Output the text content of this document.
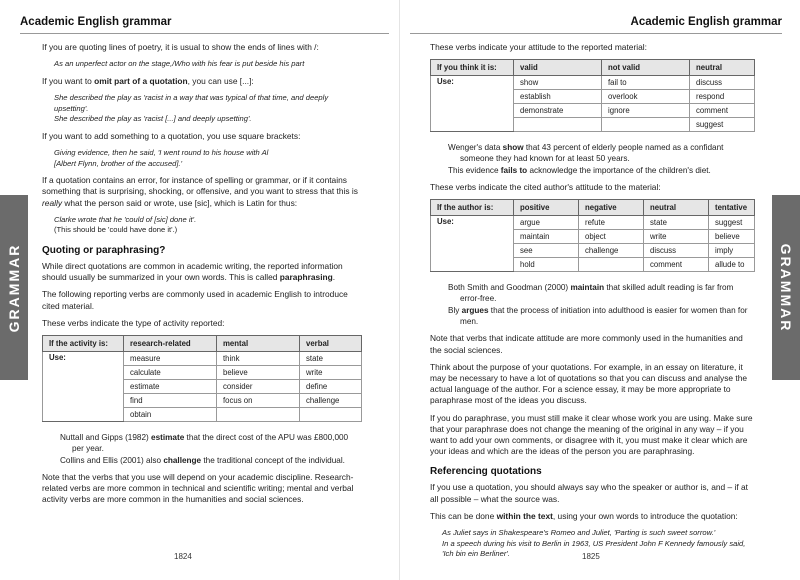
Academic English grammar

If you are quoting lines of poetry, it is usual to show the ends of lines with /:

As an unperfect actor on the stage,/Who with his fear is put beside his part

If you want to omit part of a quotation, you can use [...]:

She described the play as 'racist in a way that was typical of that time, and deeply upsetting'.
She described the play as 'racist [...] and deeply upsetting'.

If you want to add something to a quotation, you use square brackets:

Giving evidence, then he said, 'I went round to his house with Al
[Albert Flynn, brother of the accused].'

If a quotation contains an error, for instance of spelling or grammar, or if it contains something that is surprising, shocking, or offensive, and you want to stress that this is really what the person said or wrote, use [sic], which is Latin for thus:

Clarke wrote that he 'could of [sic] done it'.
(This should be 'could have done it'.)
Quoting or paraphrasing?

While direct quotations are common in academic writing, the reported information should usually be summarized in your own words. This is called paraphrasing.

The following reporting verbs are commonly used in academic English to introduce cited material.

These verbs indicate the type of activity reported:

If the activity is:	research-related	mental	verbal
Use:	measure	think	state
	calculate	believe	write
	estimate	consider	define
	find	focus on	challenge
	obtain		
Nuttall and Gipps (1982) estimate that the direct cost of the APU was £800,000 per year.
Collins and Ellis (2001) also challenge the traditional concept of the individual.

Note that the verbs that you use will depend on your academic discipline. Research-related verbs are more common in technical and scientific writing; mental and verbal activity verbs are more common in the humanities and social sciences.

GRAMMAR
1824
Academic English grammar

These verbs indicate your attitude to the reported material:

If you think it is:	valid	not valid	neutral
Use:	show	fail to	discuss
	establish	overlook	respond
	demonstrate	ignore	comment
			suggest
Wenger's data show that 43 percent of elderly people named as a confidant someone they had known for at least 50 years.
This evidence fails to acknowledge the importance of the children's diet.

These verbs indicate the cited author's attitude to the material:

If the author is:	positive	negative	neutral	tentative
Use:	argue	refute	state	suggest
	maintain	object	write	believe
	see	challenge	discuss	imply
	hold		comment	allude to
Both Smith and Goodman (2000) maintain that skilled adult reading is far from error-free.
Bly argues that the process of initiation into adulthood is easier for women than for men.

Note that verbs that indicate attitude are more commonly used in the humanities and the social sciences.

Think about the purpose of your quotations. For example, in an essay on literature, it may be necessary to have a lot of quotations so that you can discuss and analyse the actual language of the author. For a science essay, it may be more appropriate to paraphrase most of the ideas you discuss.

If you do paraphrase, you must still make it clear whose work you are using. Make sure that your paraphrase does not change the meaning of the original in any way – if you want to add your own comments, or disagree with it, you must make it clear which are your ideas and which are the ideas of the person you are paraphrasing.

Referencing quotations

If you use a quotation, you should always say who the speaker or author is, and – if at all possible – what the source was.

This can be done within the text, using your own words to introduce the quotation:

As Juliet says in Shakespeare's Romeo and Juliet, 'Parting is such sweet sorrow.'
In a speech during his visit to Berlin in 1963, US President John F Kennedy famously said, 'Ich bin ein Berliner'.
GRAMMAR
1825
